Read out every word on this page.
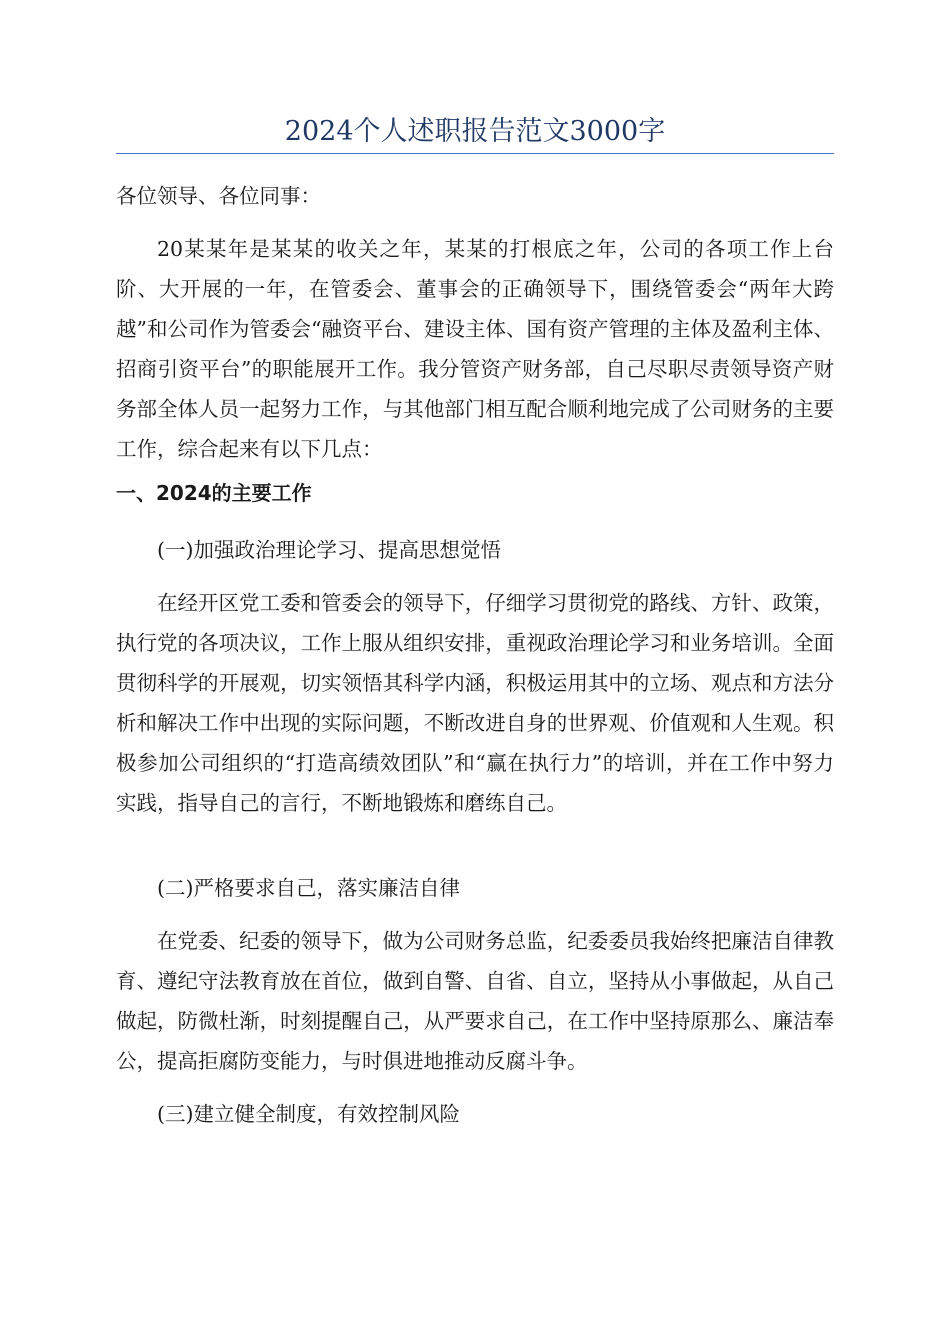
2024个人述职报告范文3000字

各位领导、各位同事：

20某某年是某某的收关之年，某某的打根底之年，公司的各项工作上台阶、大开展的一年，在管委会、董事会的正确领导下，围绕管委会“两年大跨越”和公司作为管委会“融资平台、建设主体、国有资产管理的主体及盈利主体、招商引资平台”的职能展开工作。我分管资产财务部，自己尽职尽责领导资产财务部全体人员一起努力工作，与其他部门相互配合顺利地完成了公司财务的主要工作，综合起来有以下几点：

一、2024的主要工作

(一)加强政治理论学习、提高思想觉悟

在经开区党工委和管委会的领导下，仔细学习贯彻党的路线、方针、政策，执行党的各项决议，工作上服从组织安排，重视政治理论学习和业务培训。全面贯彻科学的开展观，切实领悟其科学内涵，积极运用其中的立场、观点和方法分析和解决工作中出现的实际问题，不断改进自身的世界观、价值观和人生观。积极参加公司组织的“打造高绩效团队”和“赢在执行力”的培训，并在工作中努力实践，指导自己的言行，不断地锻炼和磨练自己。

(二)严格要求自己，落实廉洁自律

在党委、纪委的领导下，做为公司财务总监，纪委委员我始终把廉洁自律教育、遵纪守法教育放在首位，做到自警、自省、自立，坚持从小事做起，从自己做起，防微杜渐，时刻提醒自己，从严要求自己，在工作中坚持原那么、廉洁奉公，提高拒腐防变能力，与时俱进地推动反腐斗争。

(三)建立健全制度，有效控制风险
